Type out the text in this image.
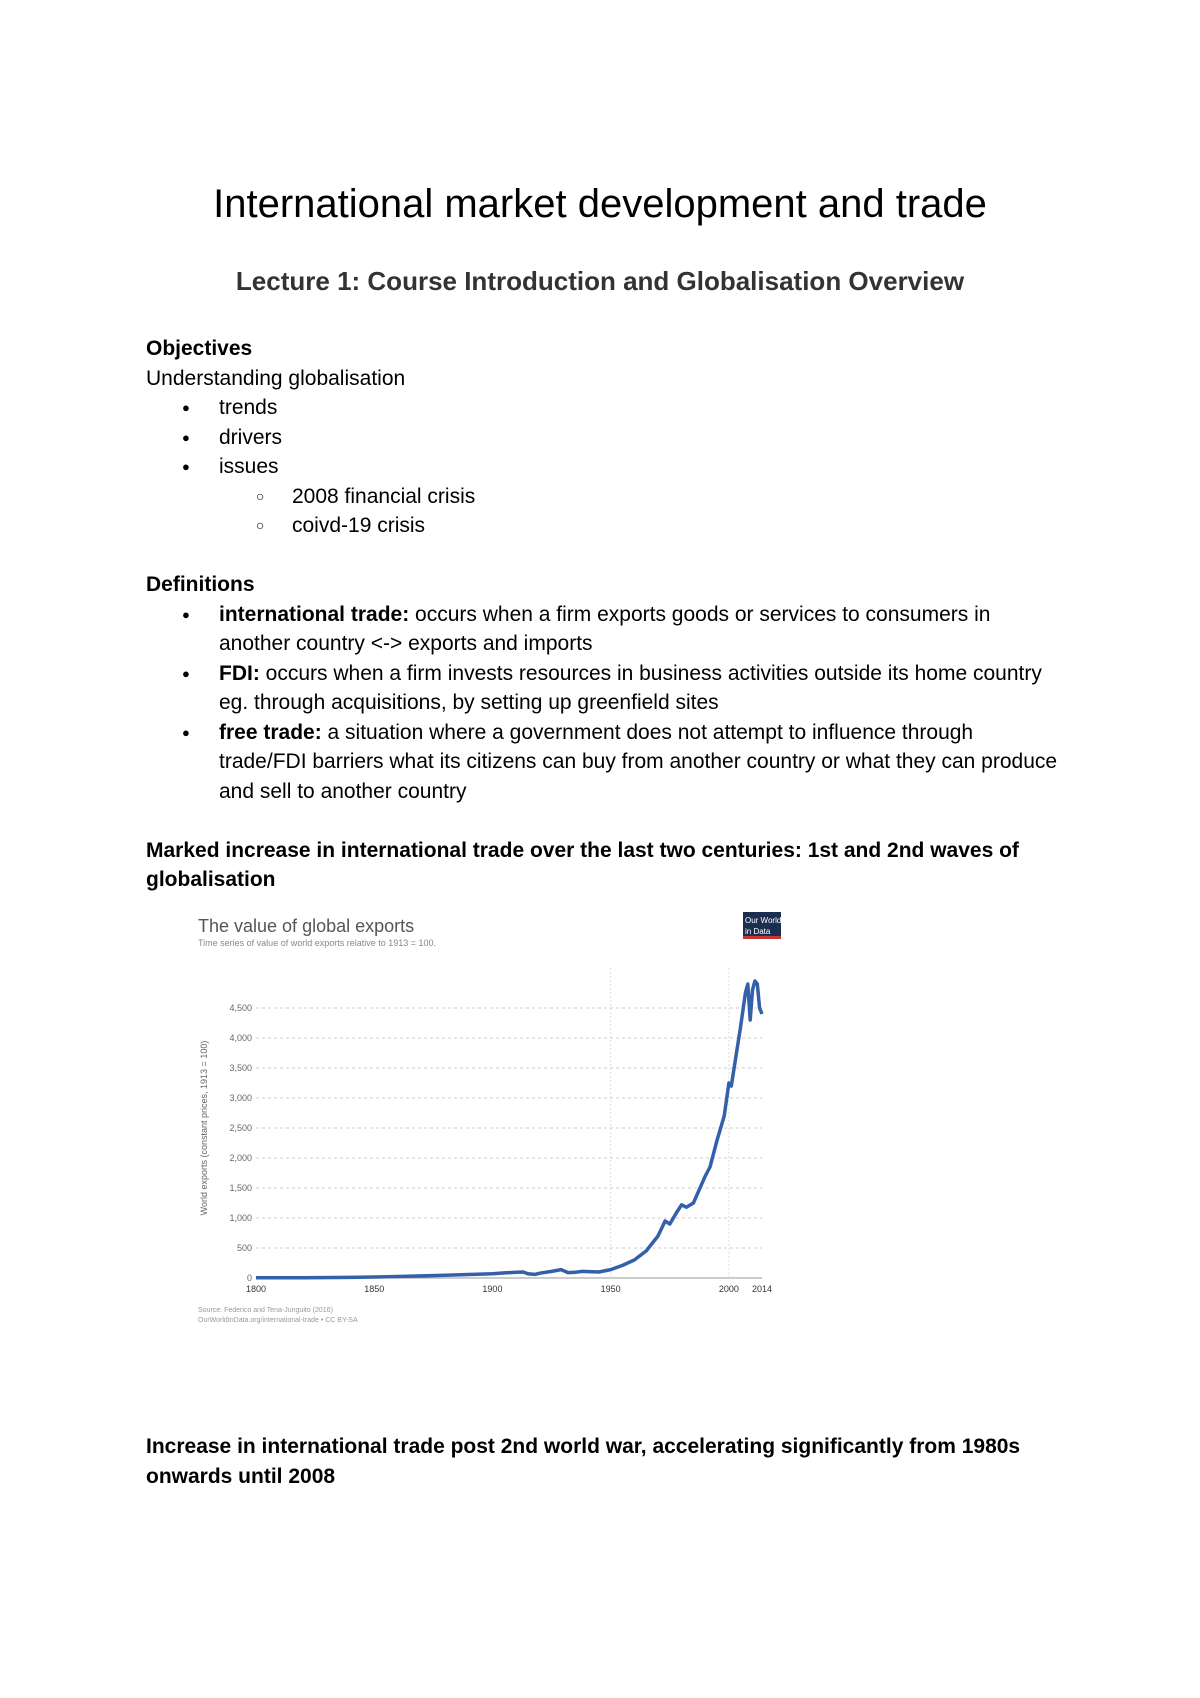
International market development and trade
Lecture 1: Course Introduction and Globalisation Overview

Objectives

Understanding globalisation

● trends
● drivers
● issues
○ 2008 financial crisis
○ coivd-19 crisis

Definitions

● international trade: occurs when a firm exports goods or services to consumers in another country <-> exports and imports
● FDI: occurs when a firm invests resources in business activities outside its home country eg. through acquisitions, by setting up greenfield sites
● free trade: a situation where a government does not attempt to influence through trade/FDI barriers what its citizens can buy from another country or what they can produce and sell to another country

Marked increase in international trade over the last two centuries: 1st and 2nd waves of globalisation

The value of global exports
Time series of value of world exports relative to 1913 = 100.
Our World
in Data
0
500
1,000
1,500
2,000
2,500
3,000
3,500
4,000
4,500
1800	1850	1900	1950	2000 2014
World exports (constant prices, 1913 = 100)
Source: Federico and Tena-Junguito (2016)
OurWorldInData.org/international-trade • CC BY-SA

Increase in international trade post 2nd world war, accelerating significantly from 1980s onwards until 2008
